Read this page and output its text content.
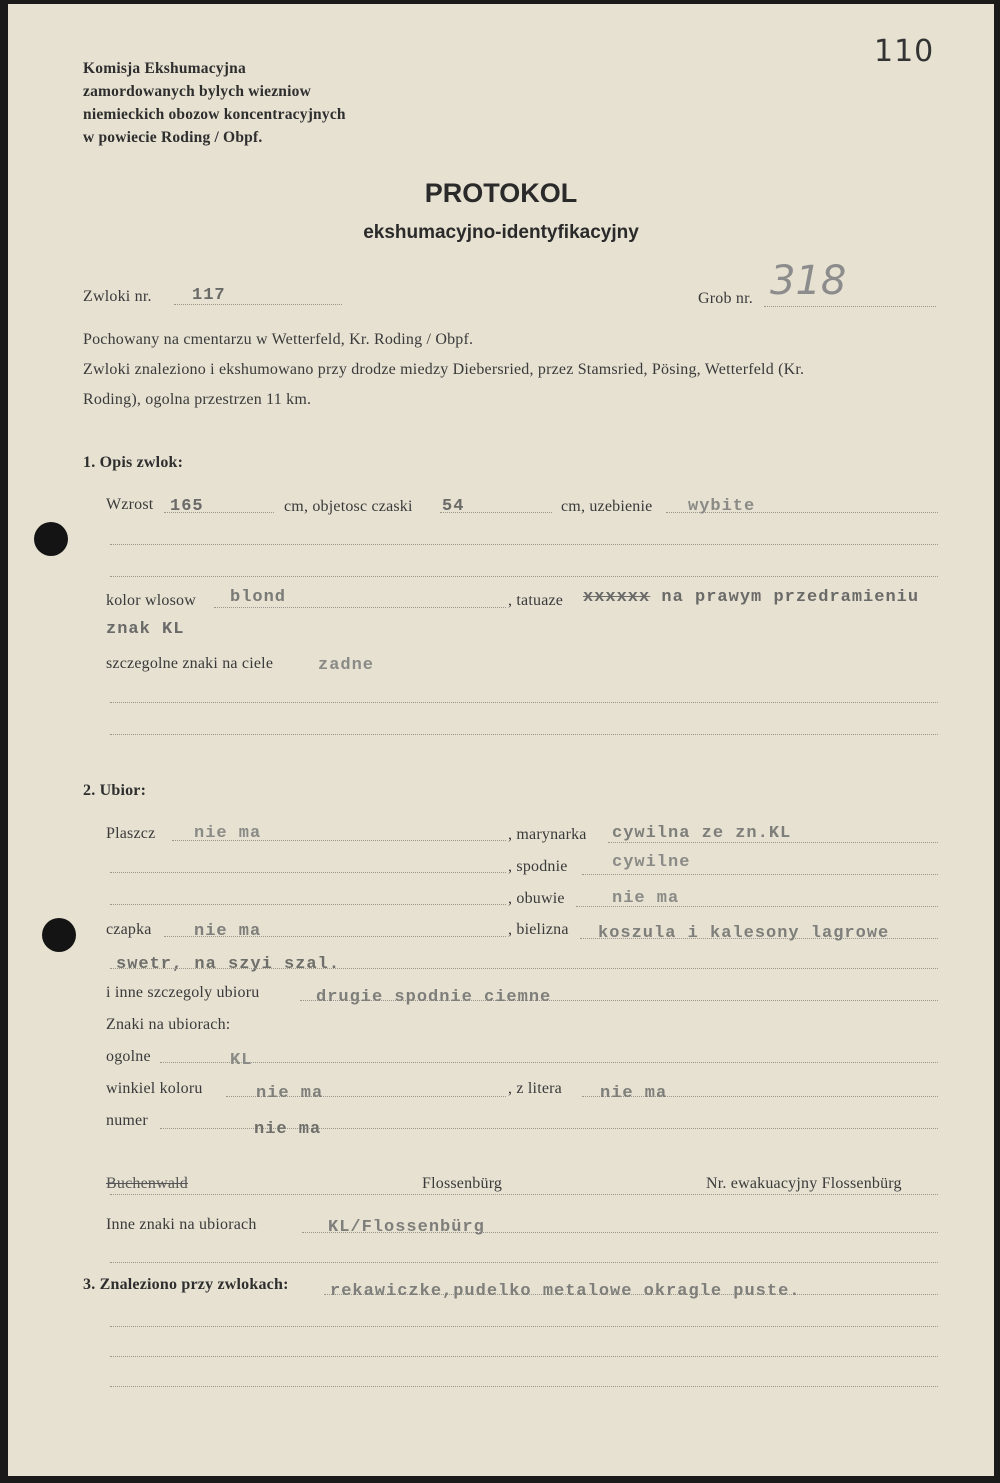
110
Komisja Ekshumacyjna
zamordowanych bylych wiezniow
niemieckich obozow koncentracyjnych
w powiecie Roding / Obpf.
PROTOKOL
ekshumacyjno-identyfikacyjny
Zwloki nr. 117	Grob nr. 318
Pochowany na cmentarzu w Wetterfeld, Kr. Roding / Obpf.
Zwloki znaleziono i ekshumowano przy drodze miedzy Diebersried, przez Stamsried, Pösing, Wetterfeld (Kr.
Roding), ogolna przestrzen 11 km.
1. Opis zwlok:
Wzrost 165	cm, objetosc czaski 54	cm, uzebienie wybite
kolor wlosow blond	, tatuaze xxxxxx na prawym przedramieniu
znak KL
szczegolne znaki na ciele	zadne
2. Ubior:
Plaszcz nie ma	, marynarka cywilna ze zn.KL
, spodnie	cywilne
, obuwie	nie ma
czapka nie ma	, bielizna koszula i kalesony lagrowe
swetr, na szyi szal.
i inne szczegoly ubioru	drugie spodnie ciemne
Znaki na ubiorach:
ogolne	KL
winkiel koloru	nie ma	, z litera nie ma
numer	nie ma
Buchenwald	Flossenbürg	Nr. ewakuacyjny Flossenbürg
Inne znaki na ubiorach	KL/Flossenbürg
3. Znaleziono przy zwlokach: rekawiczke,pudelko metalowe okragle puste.
